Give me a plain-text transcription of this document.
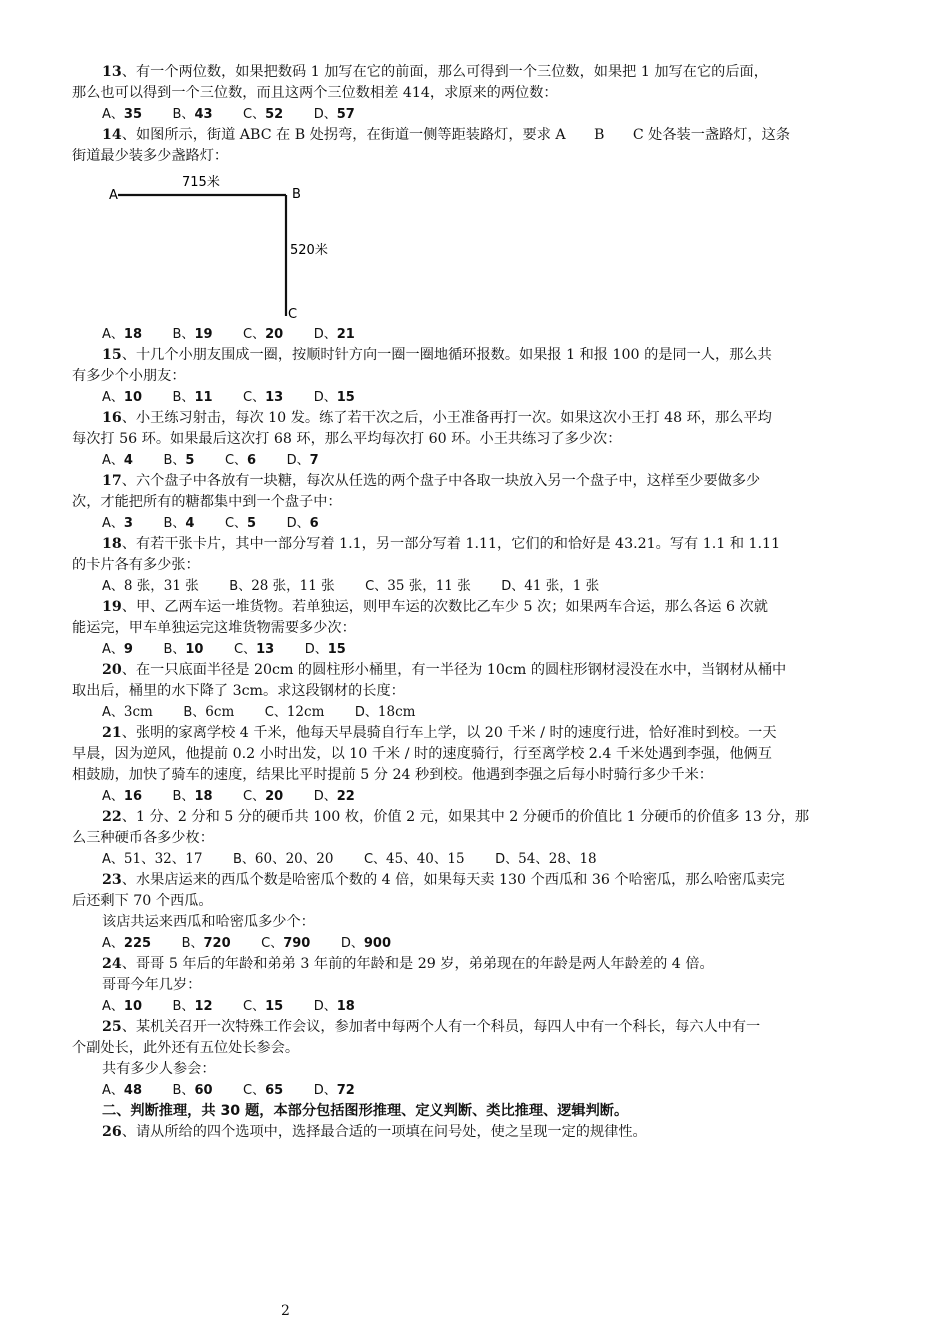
13、有一个两位数，如果把数码 1 加写在它的前面，那么可得到一个三位数，如果把 1 加写在它的后面，
那么也可以得到一个三位数，而且这两个三位数相差 414，求原来的两位数：

A、35 B、43 C、52 D、57

14、如图所示，街道 ABC 在 B 处拐弯，在街道一侧等距装路灯，要求 A　　B　　C 处各装一盏路灯，这条
街道最少装多少盏路灯：

A	B
C
715米
520米
A、18 B、19 C、20 D、21

15、十几个小朋友围成一圈，按顺时针方向一圈一圈地循环报数。如果报 1 和报 100 的是同一人，那么共
有多少个小朋友：

A、10 B、11 C、13 D、15

16、小王练习射击，每次 10 发。练了若干次之后，小王准备再打一次。如果这次小王打 48 环，那么平均
每次打 56 环。如果最后这次打 68 环，那么平均每次打 60 环。小王共练习了多少次：

A、4 B、5 C、6 D、7

17、六个盘子中各放有一块糖，每次从任选的两个盘子中各取一块放入另一个盘子中，这样至少要做多少
次，才能把所有的糖都集中到一个盘子中：

A、3 B、4 C、5 D、6

18、有若干张卡片，其中一部分写着 1.1，另一部分写着 1.11，它们的和恰好是 43.21。写有 1.1 和 1.11
的卡片各有多少张：

A、8 张，31 张 B、28 张，11 张 C、35 张，11 张 D、41 张，1 张

19、甲、乙两车运一堆货物。若单独运，则甲车运的次数比乙车少 5 次；如果两车合运，那么各运 6 次就
能运完，甲车单独运完这堆货物需要多少次：

A、9 B、10 C、13 D、15

20、在一只底面半径是 20cm 的圆柱形小桶里，有一半径为 10cm 的圆柱形钢材浸没在水中，当钢材从桶中
取出后，桶里的水下降了 3cm。求这段钢材的长度：

A、3cm B、6cm C、12cm D、18cm

21、张明的家离学校 4 千米，他每天早晨骑自行车上学，以 20 千米 / 时的速度行进，恰好准时到校。一天
早晨，因为逆风，他提前 0.2 小时出发，以 10 千米 / 时的速度骑行，行至离学校 2.4 千米处遇到李强，他俩互
相鼓励，加快了骑车的速度，结果比平时提前 5 分 24 秒到校。他遇到李强之后每小时骑行多少千米：

A、16 B、18 C、20 D、22

22、1 分、2 分和 5 分的硬币共 100 枚，价值 2 元，如果其中 2 分硬币的价值比 1 分硬币的价值多 13 分，那
么三种硬币各多少枚：

A、51、32、17 B、60、20、20 C、45、40、15 D、54、28、18

23、水果店运来的西瓜个数是哈密瓜个数的 4 倍，如果每天卖 130 个西瓜和 36 个哈密瓜，那么哈密瓜卖完
后还剩下 70 个西瓜。

该店共运来西瓜和哈密瓜多少个：
A、225 B、720 C、790 D、900

24、哥哥 5 年后的年龄和弟弟 3 年前的年龄和是 29 岁，弟弟现在的年龄是两人年龄差的 4 倍。

哥哥今年几岁：
A、10 B、12 C、15 D、18

25、某机关召开一次特殊工作会议，参加者中每两个人有一个科员，每四人中有一个科长，每六人中有一
个副处长，此外还有五位处长参会。

共有多少人参会：
A、48 B、60 C、65 D、72
二、判断推理，共 30 题，本部分包括图形推理、定义判断、类比推理、逻辑判断。

26、请从所给的四个选项中，选择最合适的一项填在问号处，使之呈现一定的规律性。

2
